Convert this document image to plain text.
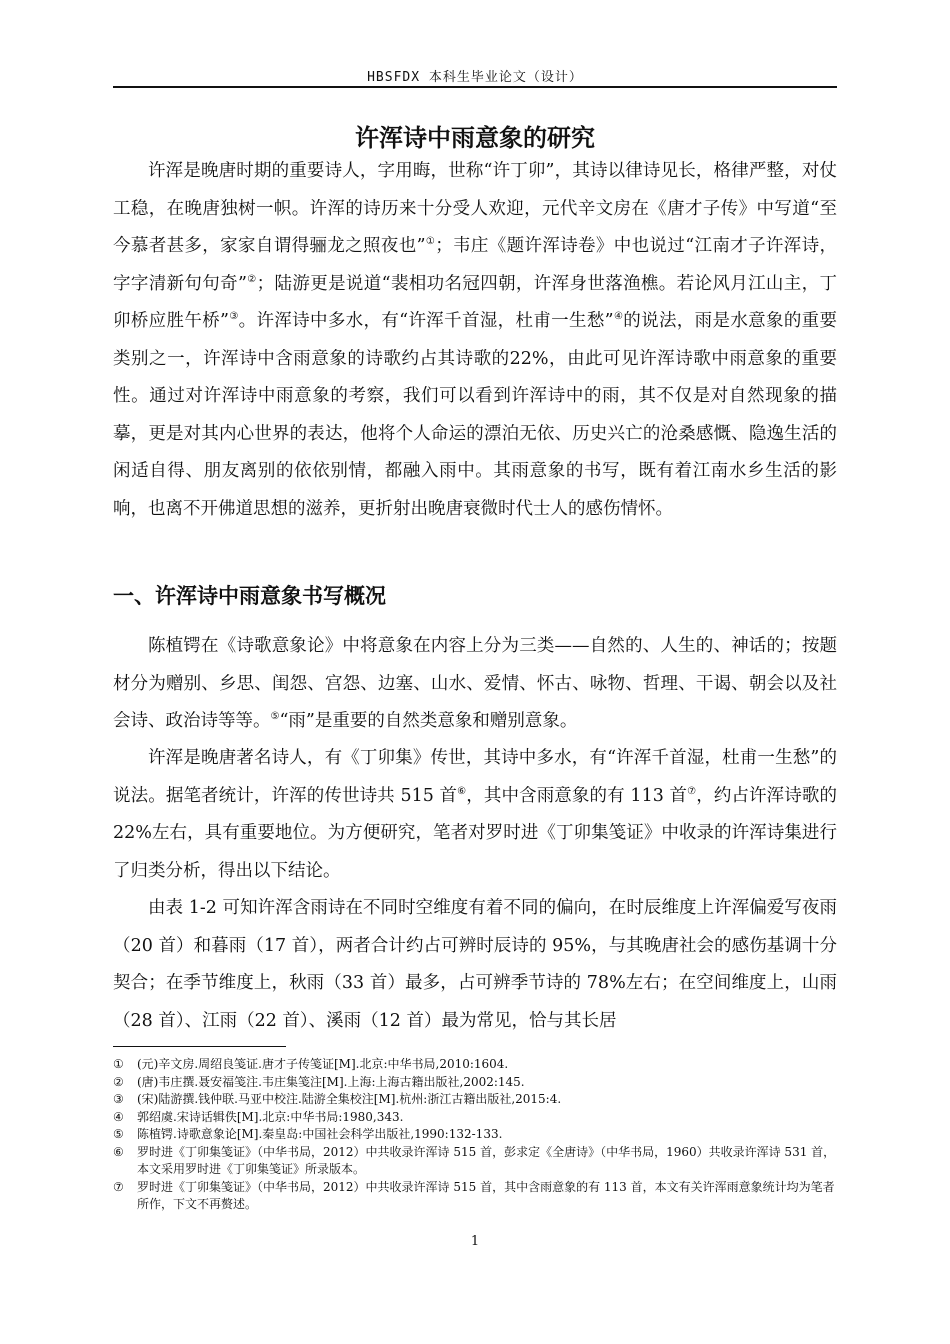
HBSFDX 本科生毕业论文（设计）
许浑诗中雨意象的研究

许浑是晚唐时期的重要诗人，字用晦，世称“许丁卯”，其诗以律诗见长，格律严整，对仗工稳，在晚唐独树一帜。许浑的诗历来十分受人欢迎，元代辛文房在《唐才子传》中写道“至今慕者甚多，家家自谓得骊龙之照夜也”①；韦庄《题许浑诗卷》中也说过“江南才子许浑诗，字字清新句句奇”②；陆游更是说道“裴相功名冠四朝，许浑身世落渔樵。若论风月江山主，丁卯桥应胜午桥”③。许浑诗中多水，有“许浑千首湿，杜甫一生愁”④的说法，雨是水意象的重要类别之一，许浑诗中含雨意象的诗歌约占其诗歌的22%，由此可见许浑诗歌中雨意象的重要性。通过对许浑诗中雨意象的考察，我们可以看到许浑诗中的雨，其不仅是对自然现象的描摹，更是对其内心世界的表达，他将个人命运的漂泊无依、历史兴亡的沧桑感慨、隐逸生活的闲适自得、朋友离别的依依别情，都融入雨中。其雨意象的书写，既有着江南水乡生活的影响，也离不开佛道思想的滋养，更折射出晚唐衰微时代士人的感伤情怀。

一、许浑诗中雨意象书写概况

陈植锷在《诗歌意象论》中将意象在内容上分为三类——自然的、人生的、神话的；按题材分为赠别、乡思、闺怨、宫怨、边塞、山水、爱情、怀古、咏物、哲理、干谒、朝会以及社会诗、政治诗等等。⑤“雨”是重要的自然类意象和赠别意象。

许浑是晚唐著名诗人，有《丁卯集》传世，其诗中多水，有“许浑千首湿，杜甫一生愁”的说法。据笔者统计，许浑的传世诗共 515 首⑥，其中含雨意象的有 113 首⑦，约占许浑诗歌的 22%左右，具有重要地位。为方便研究，笔者对罗时进《丁卯集笺证》中收录的许浑诗集进行了归类分析，得出以下结论。

由表 1-2 可知许浑含雨诗在不同时空维度有着不同的偏向，在时辰维度上许浑偏爱写夜雨（20 首）和暮雨（17 首），两者合计约占可辨时辰诗的 95%，与其晚唐社会的感伤基调十分契合；在季节维度上，秋雨（33 首）最多，占可辨季节诗的 78%左右；在空间维度上，山雨（28 首）、江雨（22 首）、溪雨（12 首）最为常见，恰与其长居

①	(元)辛文房.周绍良笺证.唐才子传笺证[M].北京:中华书局,2010:1604.
②	(唐)韦庄撰.聂安福笺注.韦庄集笺注[M].上海:上海古籍出版社,2002:145.
③	(宋)陆游撰.钱仲联.马亚中校注.陆游全集校注[M].杭州:浙江古籍出版社,2015:4.
④	郭绍虞.宋诗话辑佚[M].北京:中华书局:1980,343.
⑤	陈植锷.诗歌意象论[M].秦皇岛:中国社会科学出版社,1990:132-133.
⑥	罗时进《丁卯集笺证》（中华书局，2012）中共收录许浑诗 515 首，彭求定《全唐诗》（中华书局，1960）共收录许浑诗 531 首，本文采用罗时进《丁卯集笺证》所录版本。
⑦	罗时进《丁卯集笺证》（中华书局，2012）中共收录许浑诗 515 首，其中含雨意象的有 113 首，本文有关许浑雨意象统计均为笔者所作，下文不再赘述。
1
